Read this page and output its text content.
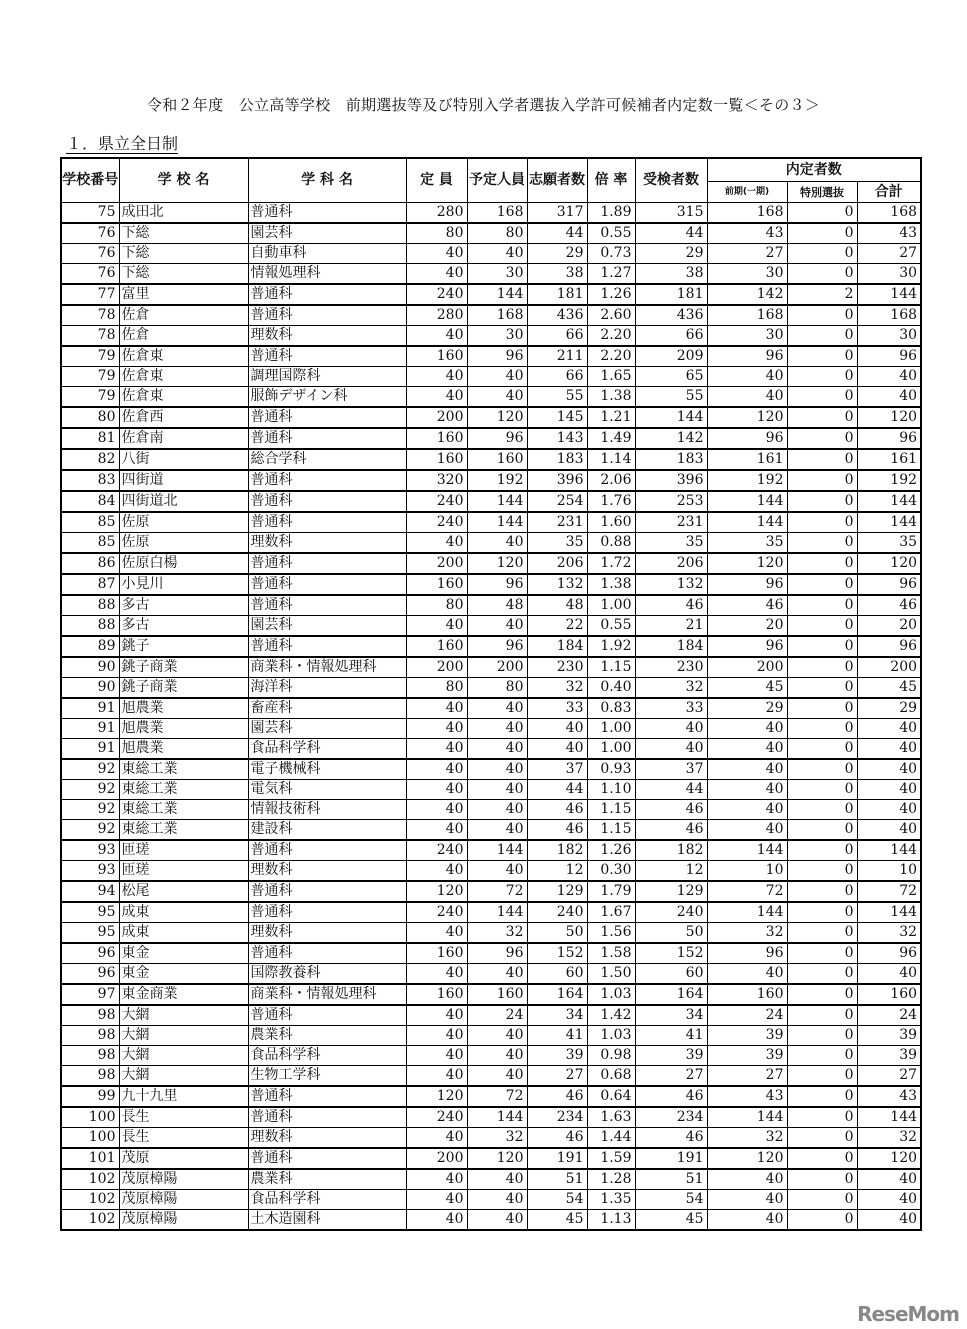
令和２年度　公立高等学校　前期選抜等及び特別入学者選抜入学許可候補者内定数一覧＜その３＞
１．県立全日制
学校番号	学 校 名	学 科 名	定 員	予定人員	志願者数	倍 率	受検者数	内定者数		
								前期(一期)	特別選抜	合計
75	成田北	普通科	280	168	317	1.89	315	168	0	168
76	下総	園芸科	80	80	44	0.55	44	43	0	43
76	下総	自動車科	40	40	29	0.73	29	27	0	27
76	下総	情報処理科	40	30	38	1.27	38	30	0	30
77	富里	普通科	240	144	181	1.26	181	142	2	144
78	佐倉	普通科	280	168	436	2.60	436	168	0	168
78	佐倉	理数科	40	30	66	2.20	66	30	0	30
79	佐倉東	普通科	160	96	211	2.20	209	96	0	96
79	佐倉東	調理国際科	40	40	66	1.65	65	40	0	40
79	佐倉東	服飾デザイン科	40	40	55	1.38	55	40	0	40
80	佐倉西	普通科	200	120	145	1.21	144	120	0	120
81	佐倉南	普通科	160	96	143	1.49	142	96	0	96
82	八街	総合学科	160	160	183	1.14	183	161	0	161
83	四街道	普通科	320	192	396	2.06	396	192	0	192
84	四街道北	普通科	240	144	254	1.76	253	144	0	144
85	佐原	普通科	240	144	231	1.60	231	144	0	144
85	佐原	理数科	40	40	35	0.88	35	35	0	35
86	佐原白楊	普通科	200	120	206	1.72	206	120	0	120
87	小見川	普通科	160	96	132	1.38	132	96	0	96
88	多古	普通科	80	48	48	1.00	46	46	0	46
88	多古	園芸科	40	40	22	0.55	21	20	0	20
89	銚子	普通科	160	96	184	1.92	184	96	0	96
90	銚子商業	商業科・情報処理科	200	200	230	1.15	230	200	0	200
90	銚子商業	海洋科	80	80	32	0.40	32	45	0	45
91	旭農業	畜産科	40	40	33	0.83	33	29	0	29
91	旭農業	園芸科	40	40	40	1.00	40	40	0	40
91	旭農業	食品科学科	40	40	40	1.00	40	40	0	40
92	東総工業	電子機械科	40	40	37	0.93	37	40	0	40
92	東総工業	電気科	40	40	44	1.10	44	40	0	40
92	東総工業	情報技術科	40	40	46	1.15	46	40	0	40
92	東総工業	建設科	40	40	46	1.15	46	40	0	40
93	匝瑳	普通科	240	144	182	1.26	182	144	0	144
93	匝瑳	理数科	40	40	12	0.30	12	10	0	10
94	松尾	普通科	120	72	129	1.79	129	72	0	72
95	成東	普通科	240	144	240	1.67	240	144	0	144
95	成東	理数科	40	32	50	1.56	50	32	0	32
96	東金	普通科	160	96	152	1.58	152	96	0	96
96	東金	国際教養科	40	40	60	1.50	60	40	0	40
97	東金商業	商業科・情報処理科	160	160	164	1.03	164	160	0	160
98	大網	普通科	40	24	34	1.42	34	24	0	24
98	大網	農業科	40	40	41	1.03	41	39	0	39
98	大網	食品科学科	40	40	39	0.98	39	39	0	39
98	大網	生物工学科	40	40	27	0.68	27	27	0	27
99	九十九里	普通科	120	72	46	0.64	46	43	0	43
100	長生	普通科	240	144	234	1.63	234	144	0	144
100	長生	理数科	40	32	46	1.44	46	32	0	32
101	茂原	普通科	200	120	191	1.59	191	120	0	120
102	茂原樟陽	農業科	40	40	51	1.28	51	40	0	40
102	茂原樟陽	食品科学科	40	40	54	1.35	54	40	0	40
102	茂原樟陽	土木造園科	40	40	45	1.13	45	40	0	40
ReseMom
